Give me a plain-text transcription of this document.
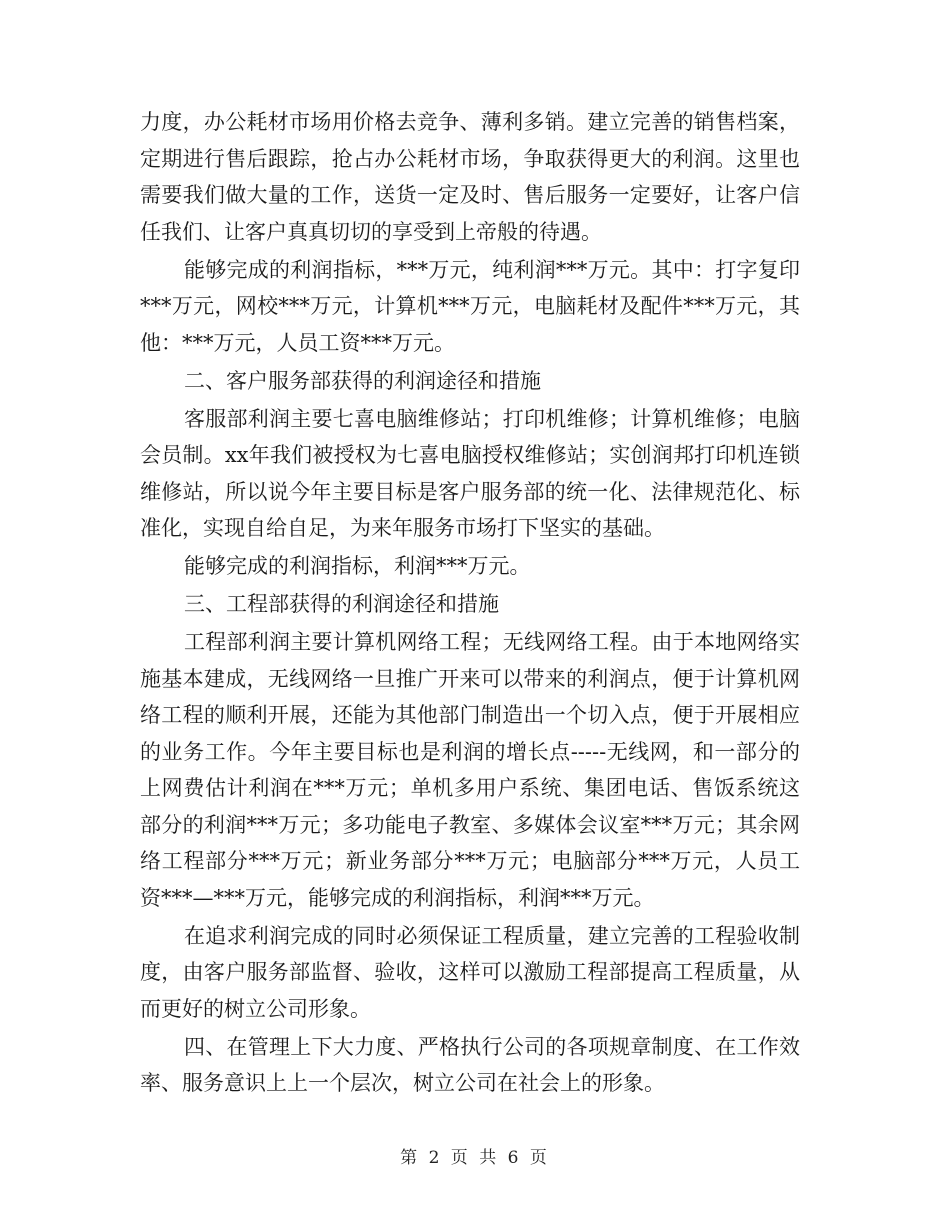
力度，办公耗材市场用价格去竞争、薄利多销。建立完善的销售档案，定期进行售后跟踪，抢占办公耗材市场，争取获得更大的利润。这里也需要我们做大量的工作，送货一定及时、售后服务一定要好，让客户信任我们、让客户真真切切的享受到上帝般的待遇。

能够完成的利润指标，***万元，纯利润***万元。其中：打字复印***万元，网校***万元，计算机***万元，电脑耗材及配件***万元，其他：***万元，人员工资***万元。

二、客户服务部获得的利润途径和措施

客服部利润主要七喜电脑维修站；打印机维修；计算机维修；电脑会员制。xx年我们被授权为七喜电脑授权维修站；实创润邦打印机连锁维修站，所以说今年主要目标是客户服务部的统一化、法律规范化、标准化，实现自给自足，为来年服务市场打下坚实的基础。

能够完成的利润指标，利润***万元。

三、工程部获得的利润途径和措施

工程部利润主要计算机网络工程；无线网络工程。由于本地网络实施基本建成，无线网络一旦推广开来可以带来的利润点，便于计算机网络工程的顺利开展，还能为其他部门制造出一个切入点，便于开展相应的业务工作。今年主要目标也是利润的增长点-----无线网，和一部分的上网费估计利润在***万元；单机多用户系统、集团电话、售饭系统这部分的利润***万元；多功能电子教室、多媒体会议室***万元；其余网络工程部分***万元；新业务部分***万元；电脑部分***万元，人员工资***—***万元，能够完成的利润指标，利润***万元。

在追求利润完成的同时必须保证工程质量，建立完善的工程验收制度，由客户服务部监督、验收，这样可以激励工程部提高工程质量，从而更好的树立公司形象。

四、在管理上下大力度、严格执行公司的各项规章制度、在工作效率、服务意识上上一个层次，树立公司在社会上的形象。

第 2 页 共 6 页
